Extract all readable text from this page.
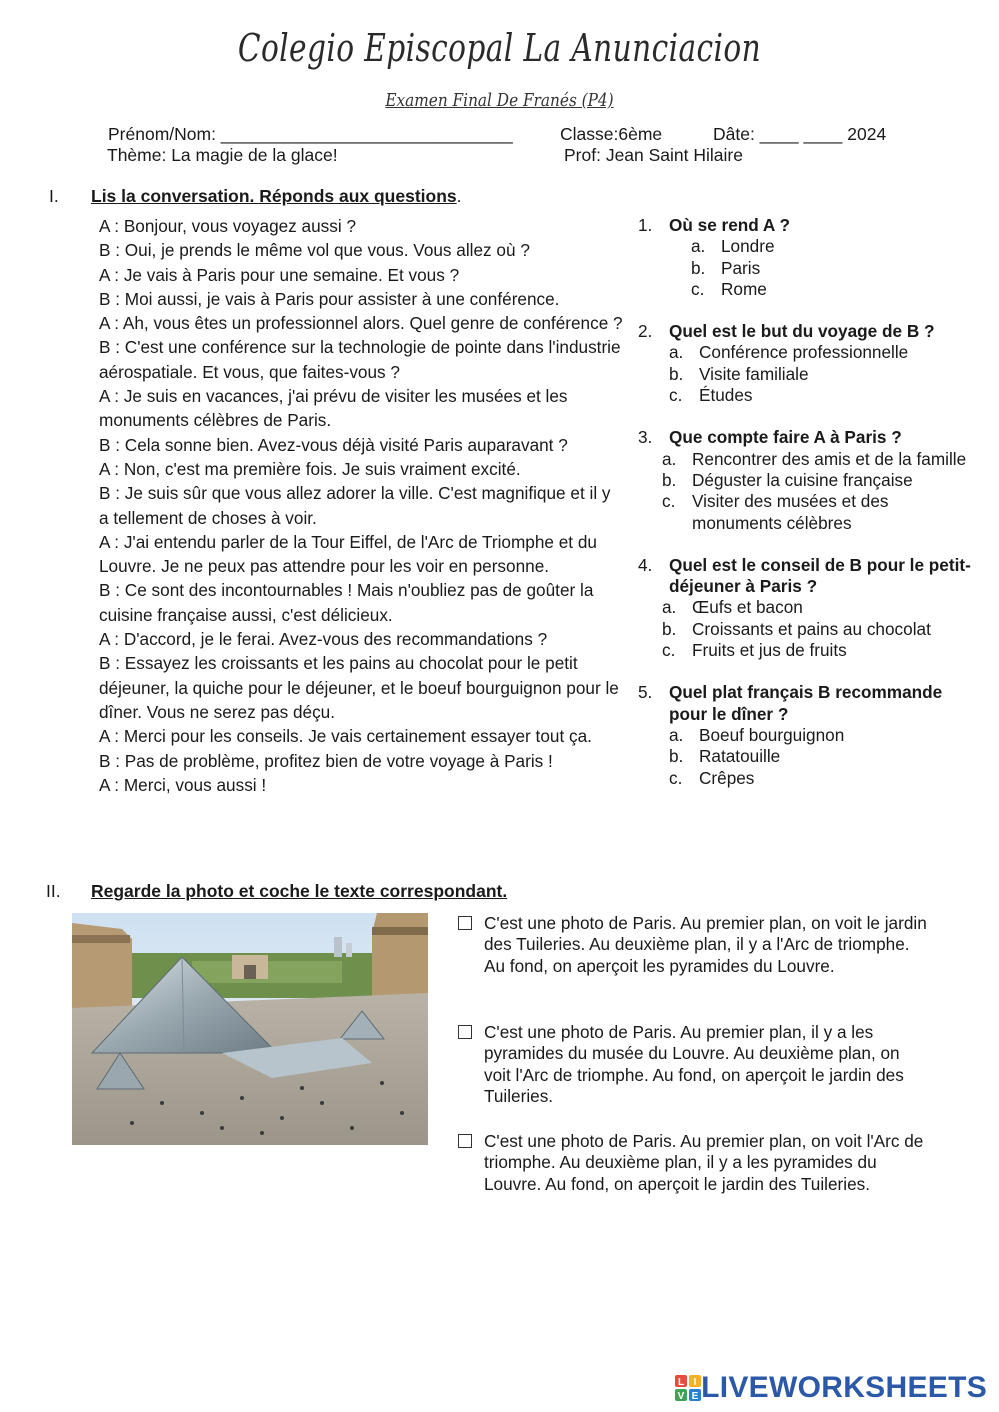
Colegio Episcopal La Anunciacion
Examen Final De Franés (P4)
Prénom/Nom: ______________________________	Classe:6ème	Dâte: ____ ____ 2024
Thème: La magie de la glace!	Prof: Jean Saint Hilaire
I. Lis la conversation. Réponds aux questions.
A : Bonjour, vous voyagez aussi ?
B : Oui, je prends le même vol que vous. Vous allez où ?
A : Je vais à Paris pour une semaine. Et vous ?
B : Moi aussi, je vais à Paris pour assister à une conférence.
A : Ah, vous êtes un professionnel alors. Quel genre de conférence ?
B : C'est une conférence sur la technologie de pointe dans l'industrie aérospatiale. Et vous, que faites-vous ?
A : Je suis en vacances, j'ai prévu de visiter les musées et les monuments célèbres de Paris.
B : Cela sonne bien. Avez-vous déjà visité Paris auparavant ?
A : Non, c'est ma première fois. Je suis vraiment excité.
B : Je suis sûr que vous allez adorer la ville. C'est magnifique et il y a tellement de choses à voir.
A : J'ai entendu parler de la Tour Eiffel, de l'Arc de Triomphe et du Louvre. Je ne peux pas attendre pour les voir en personne.
B : Ce sont des incontournables ! Mais n'oubliez pas de goûter la cuisine française aussi, c'est délicieux.
A : D'accord, je le ferai. Avez-vous des recommandations ?
B : Essayez les croissants et les pains au chocolat pour le petit déjeuner, la quiche pour le déjeuner, et le boeuf bourguignon pour le dîner. Vous ne serez pas déçu.
A : Merci pour les conseils. Je vais certainement essayer tout ça.
B : Pas de problème, profitez bien de votre voyage à Paris !
A : Merci, vous aussi !
1. Où se rend A ?
a. Londre
b. Paris
c. Rome
2. Quel est le but du voyage de B ?
a. Conférence professionnelle
b. Visite familiale
c. Études
3. Que compte faire A à Paris ?
a. Rencontrer des amis et de la famille
b. Déguster la cuisine française
c. Visiter des musées et des monuments célèbres
4. Quel est le conseil de B pour le petit-déjeuner à Paris ?
a. Œufs et bacon
b. Croissants et pains au chocolat
c. Fruits et jus de fruits
5. Quel plat français B recommande pour le dîner ?
a. Boeuf bourguignon
b. Ratatouille
c. Crêpes
II. Regarde la photo et coche le texte correspondant.
C'est une photo de Paris. Au premier plan, on voit le jardin des Tuileries. Au deuxième plan, il y a l'Arc de triomphe. Au fond, on aperçoit les pyramides du Louvre.
C'est une photo de Paris. Au premier plan, il y a les pyramides du musée du Louvre. Au deuxième plan, on voit l'Arc de triomphe. Au fond, on aperçoit le jardin des Tuileries.
C'est une photo de Paris. Au premier plan, on voit l'Arc de triomphe. Au deuxième plan, il y a les pyramides du Louvre. Au fond, on aperçoit le jardin des Tuileries.
L I
V E LIVEWORKSHEETS
